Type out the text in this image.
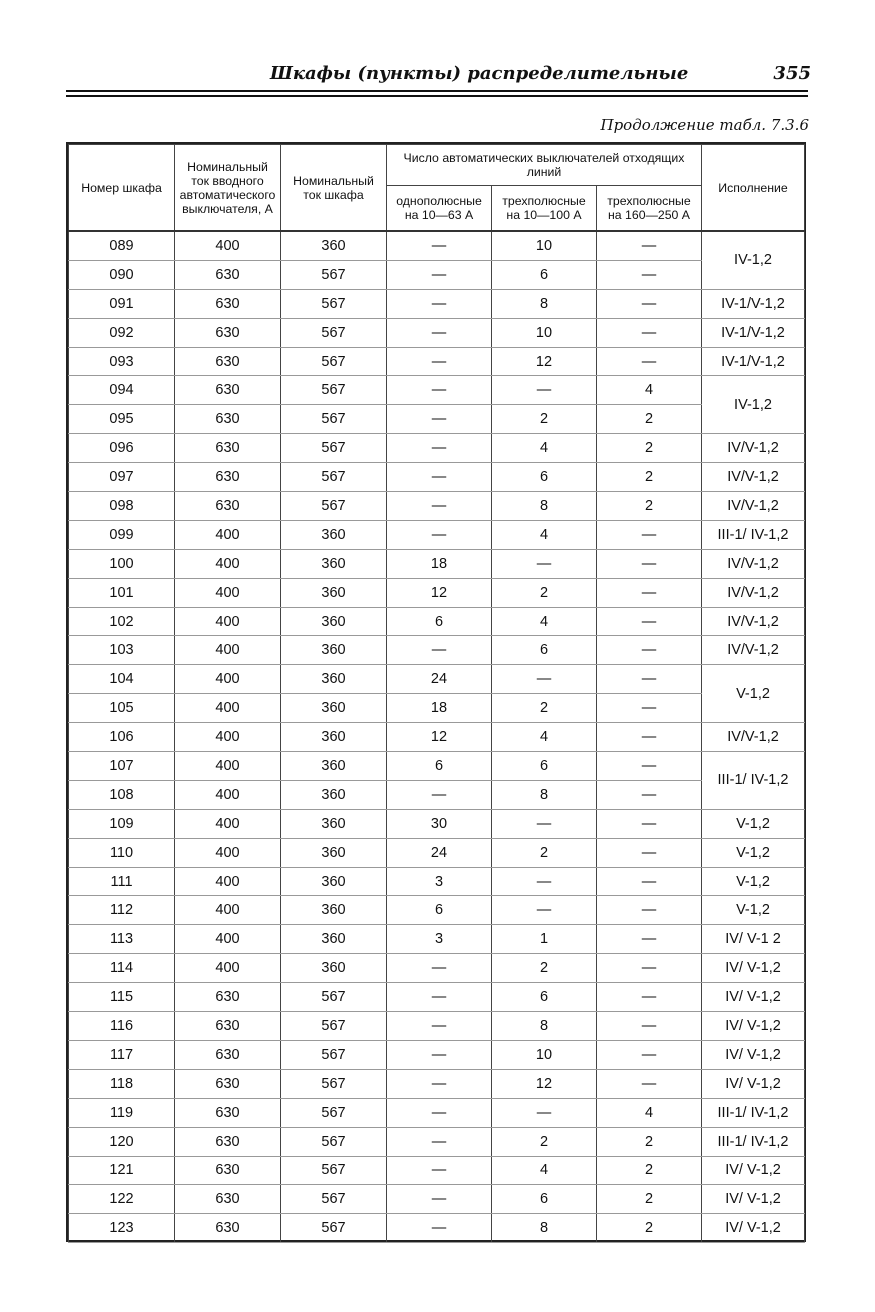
Шкафы (пункты) распределительные	355
Продолжение табл. 7.3.6
Номер шкафа	Номинальный ток вводного автоматического выключателя, А	Номинальный ток шкафа	Число автоматических выключателей отходящих линий			Исполнение
			однополюсные на 10—63 А	трехполюсные на 10—100 А	трехполюсные на 160—250 А	
089	400	360	—	10	—	IV-1,2
090	630	567	—	6	—	
091	630	567	—	8	—	IV-1/V-1,2
092	630	567	—	10	—	IV-1/V-1,2
093	630	567	—	12	—	IV-1/V-1,2
094	630	567	—	—	4	IV-1,2
095	630	567	—	2	2	
096	630	567	—	4	2	IV/V-1,2
097	630	567	—	6	2	IV/V-1,2
098	630	567	—	8	2	IV/V-1,2
099	400	360	—	4	—	III-1/ IV-1,2
100	400	360	18	—	—	IV/V-1,2
101	400	360	12	2	—	IV/V-1,2
102	400	360	6	4	—	IV/V-1,2
103	400	360	—	6	—	IV/V-1,2
104	400	360	24	—	—	V-1,2
105	400	360	18	2	—	
106	400	360	12	4	—	IV/V-1,2
107	400	360	6	6	—	III-1/ IV-1,2
108	400	360	—	8	—	
109	400	360	30	—	—	V-1,2
110	400	360	24	2	—	V-1,2
111	400	360	3	—	—	V-1,2
112	400	360	6	—	—	V-1,2
113	400	360	3	1	—	IV/ V-1 2
114	400	360	—	2	—	IV/ V-1,2
115	630	567	—	6	—	IV/ V-1,2
116	630	567	—	8	—	IV/ V-1,2
117	630	567	—	10	—	IV/ V-1,2
118	630	567	—	12	—	IV/ V-1,2
119	630	567	—	—	4	III-1/ IV-1,2
120	630	567	—	2	2	III-1/ IV-1,2
121	630	567	—	4	2	IV/ V-1,2
122	630	567	—	6	2	IV/ V-1,2
123	630	567	—	8	2	IV/ V-1,2
